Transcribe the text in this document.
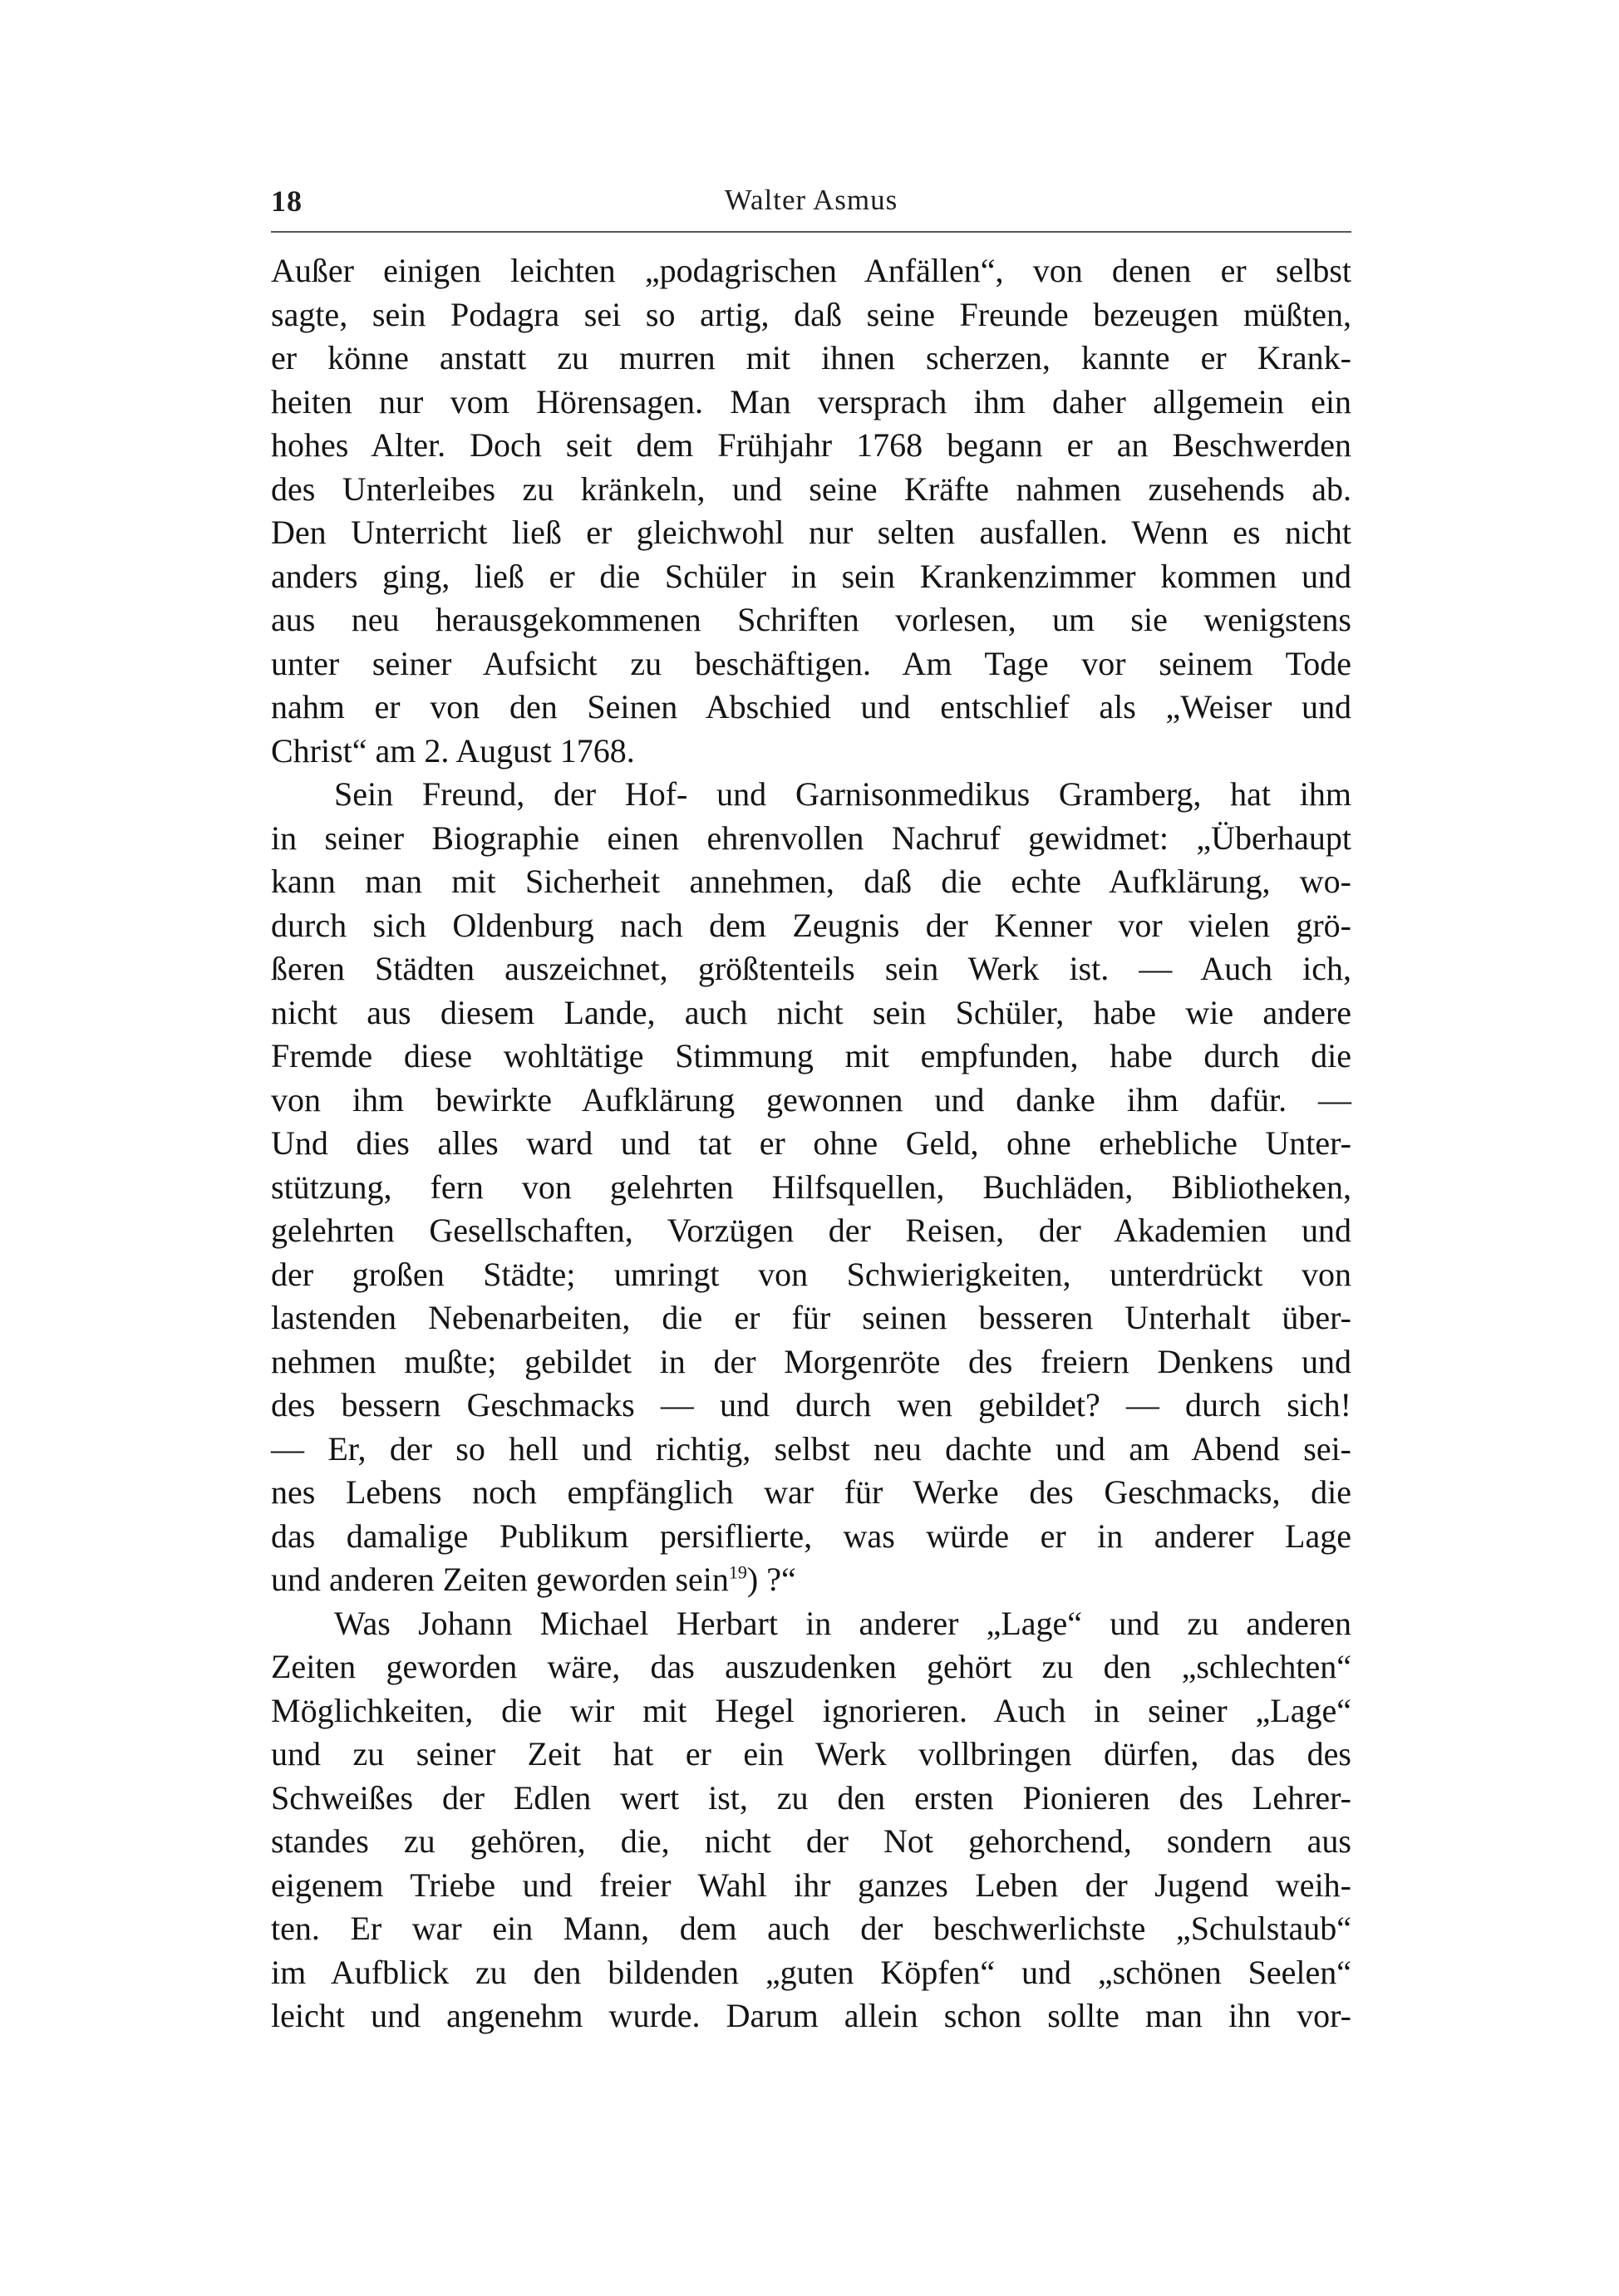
18	Walter Asmus
Außer einigen leichten „podagrischen Anfällen“, von denen er selbst
sagte, sein Podagra sei so artig, daß seine Freunde bezeugen müßten,
er könne anstatt zu murren mit ihnen scherzen, kannte er Krank-
heiten nur vom Hörensagen. Man versprach ihm daher allgemein ein
hohes Alter. Doch seit dem Frühjahr 1768 begann er an Beschwerden
des Unterleibes zu kränkeln, und seine Kräfte nahmen zusehends ab.
Den Unterricht ließ er gleichwohl nur selten ausfallen. Wenn es nicht
anders ging, ließ er die Schüler in sein Krankenzimmer kommen und
aus neu herausgekommenen Schriften vorlesen, um sie wenigstens
unter seiner Aufsicht zu beschäftigen. Am Tage vor seinem Tode
nahm er von den Seinen Abschied und entschlief als „Weiser und
Christ“ am 2. August 1768.
Sein Freund, der Hof- und Garnisonmedikus Gramberg, hat ihm
in seiner Biographie einen ehrenvollen Nachruf gewidmet: „Überhaupt
kann man mit Sicherheit annehmen, daß die echte Aufklärung, wo-
durch sich Oldenburg nach dem Zeugnis der Kenner vor vielen grö-
ßeren Städten auszeichnet, größtenteils sein Werk ist. — Auch ich,
nicht aus diesem Lande, auch nicht sein Schüler, habe wie andere
Fremde diese wohltätige Stimmung mit empfunden, habe durch die
von ihm bewirkte Aufklärung gewonnen und danke ihm dafür. —
Und dies alles ward und tat er ohne Geld, ohne erhebliche Unter-
stützung, fern von gelehrten Hilfsquellen, Buchläden, Bibliotheken,
gelehrten Gesellschaften, Vorzügen der Reisen, der Akademien und
der großen Städte; umringt von Schwierigkeiten, unterdrückt von
lastenden Nebenarbeiten, die er für seinen besseren Unterhalt über-
nehmen mußte; gebildet in der Morgenröte des freiern Denkens und
des bessern Geschmacks — und durch wen gebildet? — durch sich!
— Er, der so hell und richtig, selbst neu dachte und am Abend sei-
nes Lebens noch empfänglich war für Werke des Geschmacks, die
das damalige Publikum persiflierte, was würde er in anderer Lage
und anderen Zeiten geworden sein$^{19}$) ?“
Was Johann Michael Herbart in anderer „Lage“ und zu anderen
Zeiten geworden wäre, das auszudenken gehört zu den „schlechten“
Möglichkeiten, die wir mit Hegel ignorieren. Auch in seiner „Lage“
und zu seiner Zeit hat er ein Werk vollbringen dürfen, das des
Schweißes der Edlen wert ist, zu den ersten Pionieren des Lehrer-
standes zu gehören, die, nicht der Not gehorchend, sondern aus
eigenem Triebe und freier Wahl ihr ganzes Leben der Jugend weih-
ten. Er war ein Mann, dem auch der beschwerlichste „Schulstaub“
im Aufblick zu den bildenden „guten Köpfen“ und „schönen Seelen“
leicht und angenehm wurde. Darum allein schon sollte man ihn vor-
